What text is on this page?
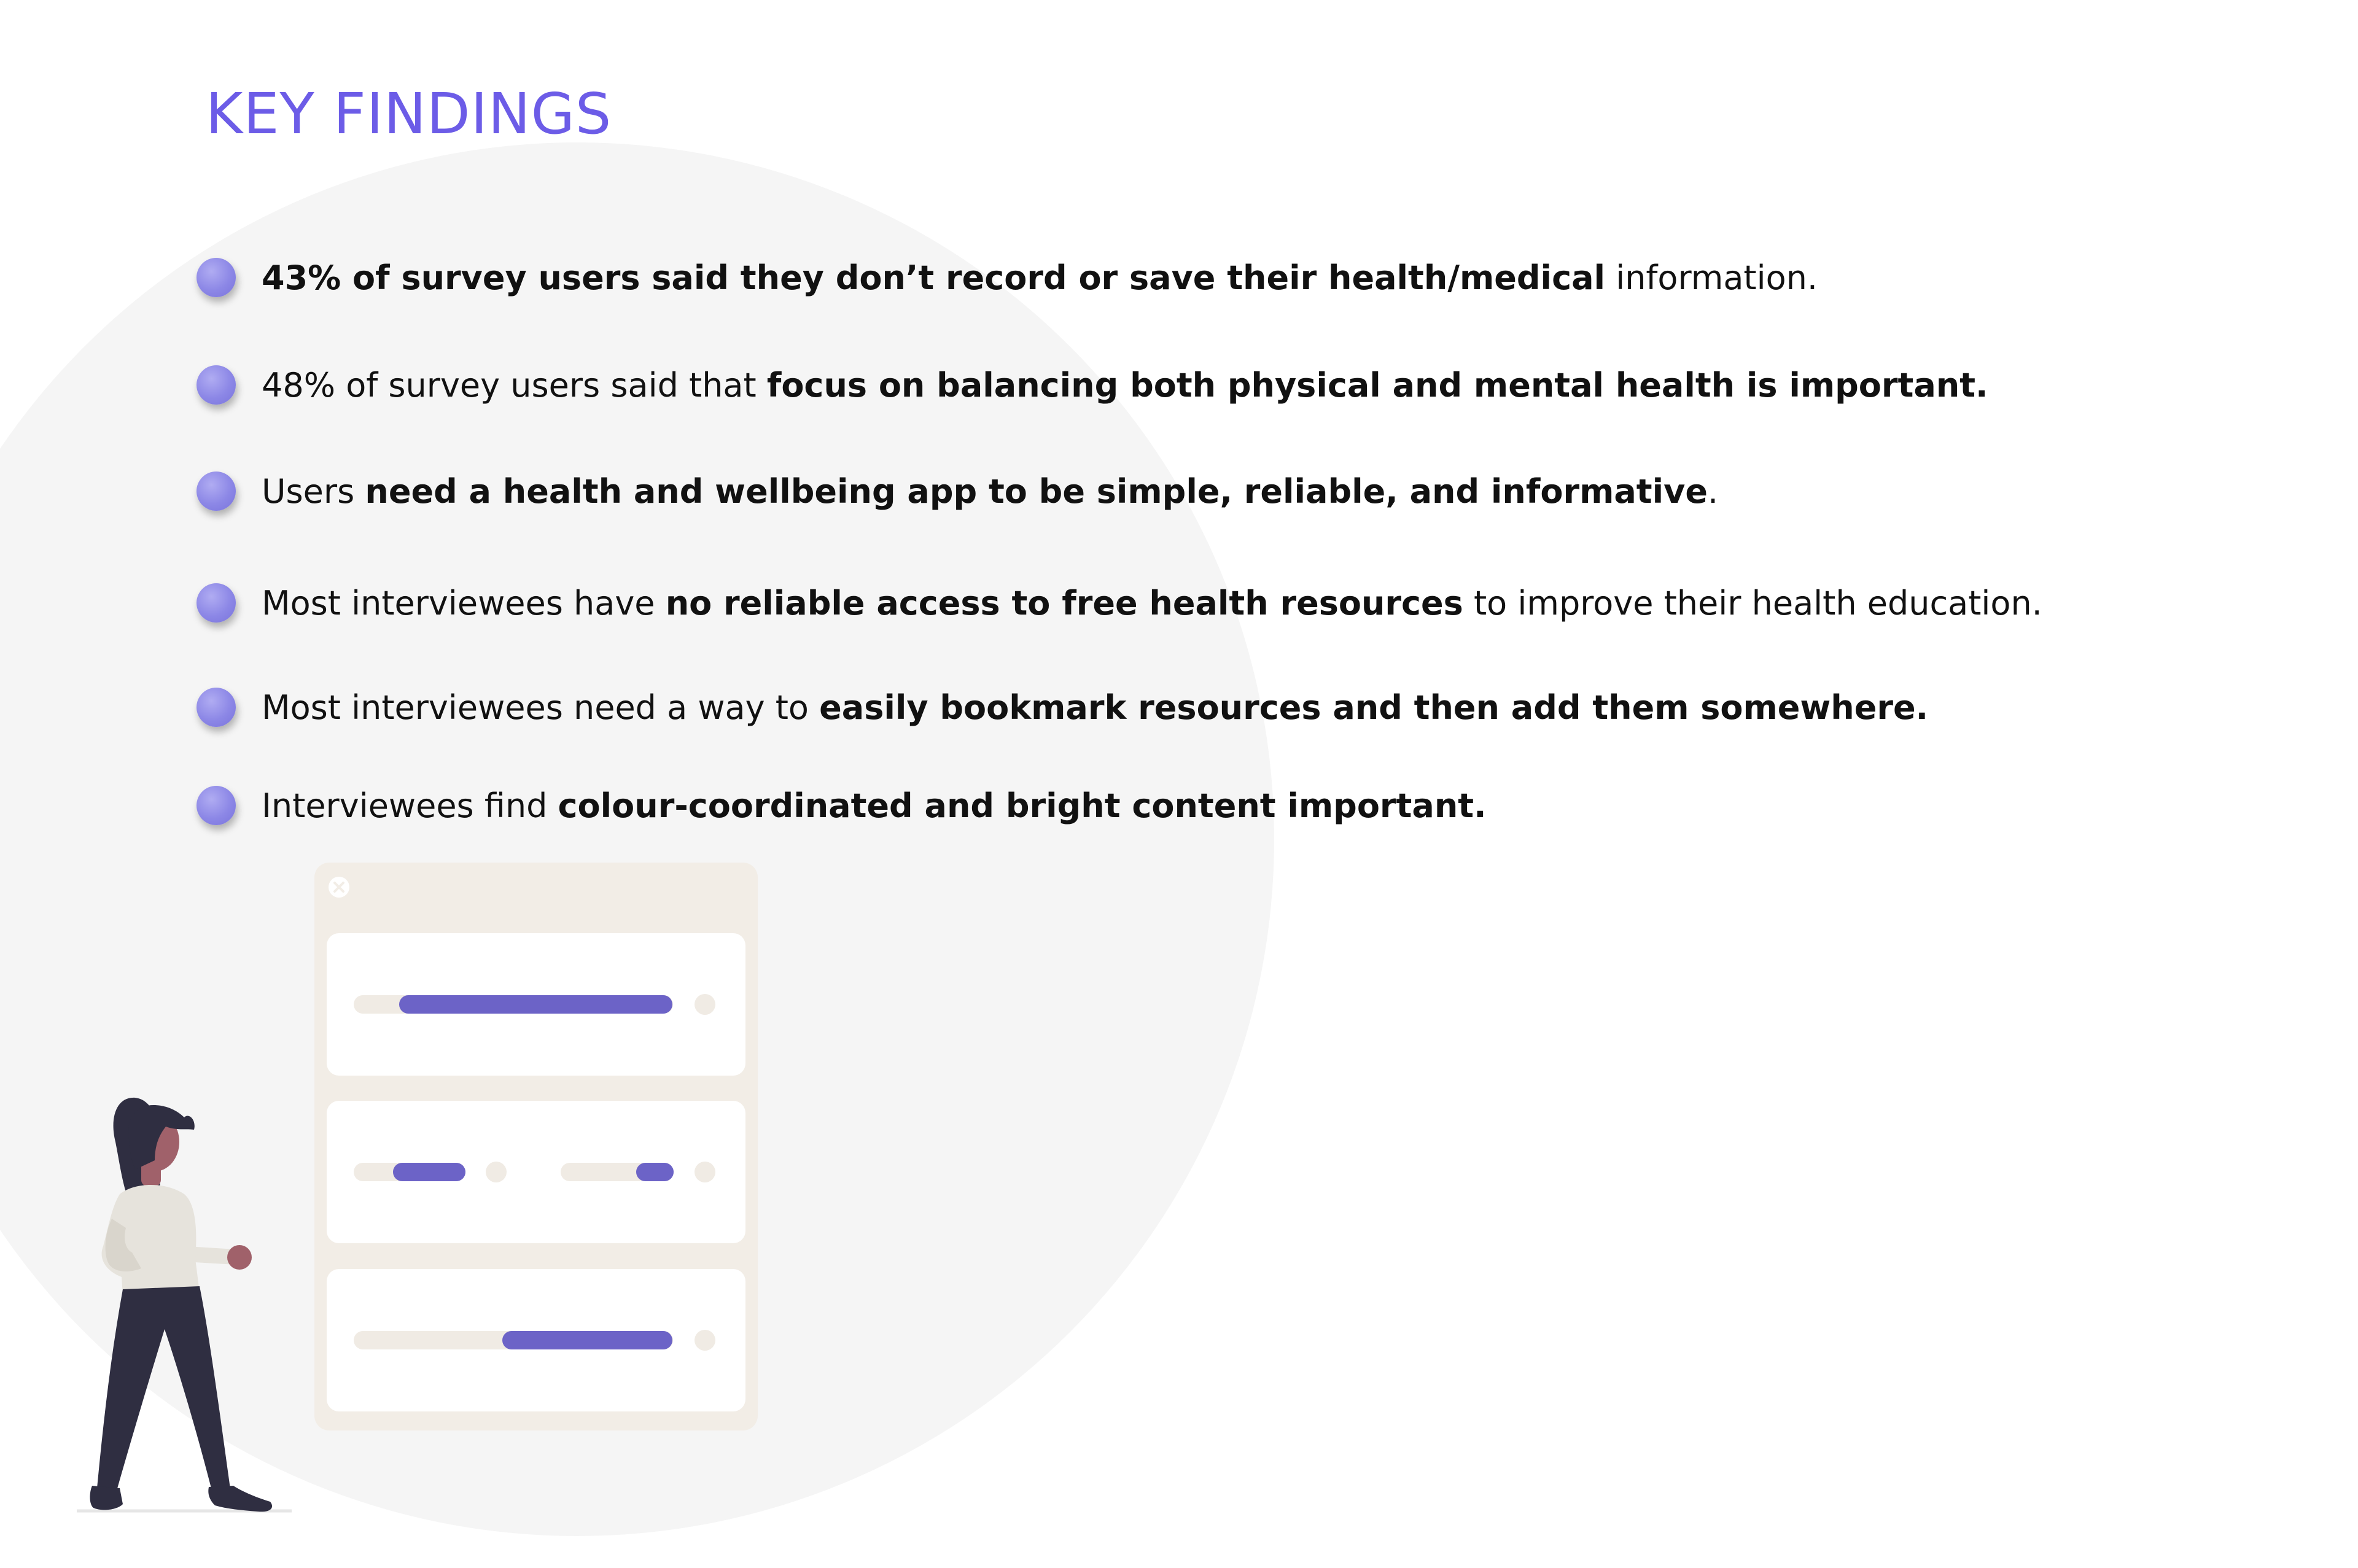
KEY FINDINGS
43% of survey users said they don’t record or save their health/medical information.
48% of survey users said that focus on balancing both physical and mental health is important.
Users need a health and wellbeing app to be simple, reliable, and informative.
Most interviewees have no reliable access to free health resources to improve their health education.
Most interviewees need a way to easily bookmark resources and then add them somewhere.
Interviewees find colour-coordinated and bright content important.
